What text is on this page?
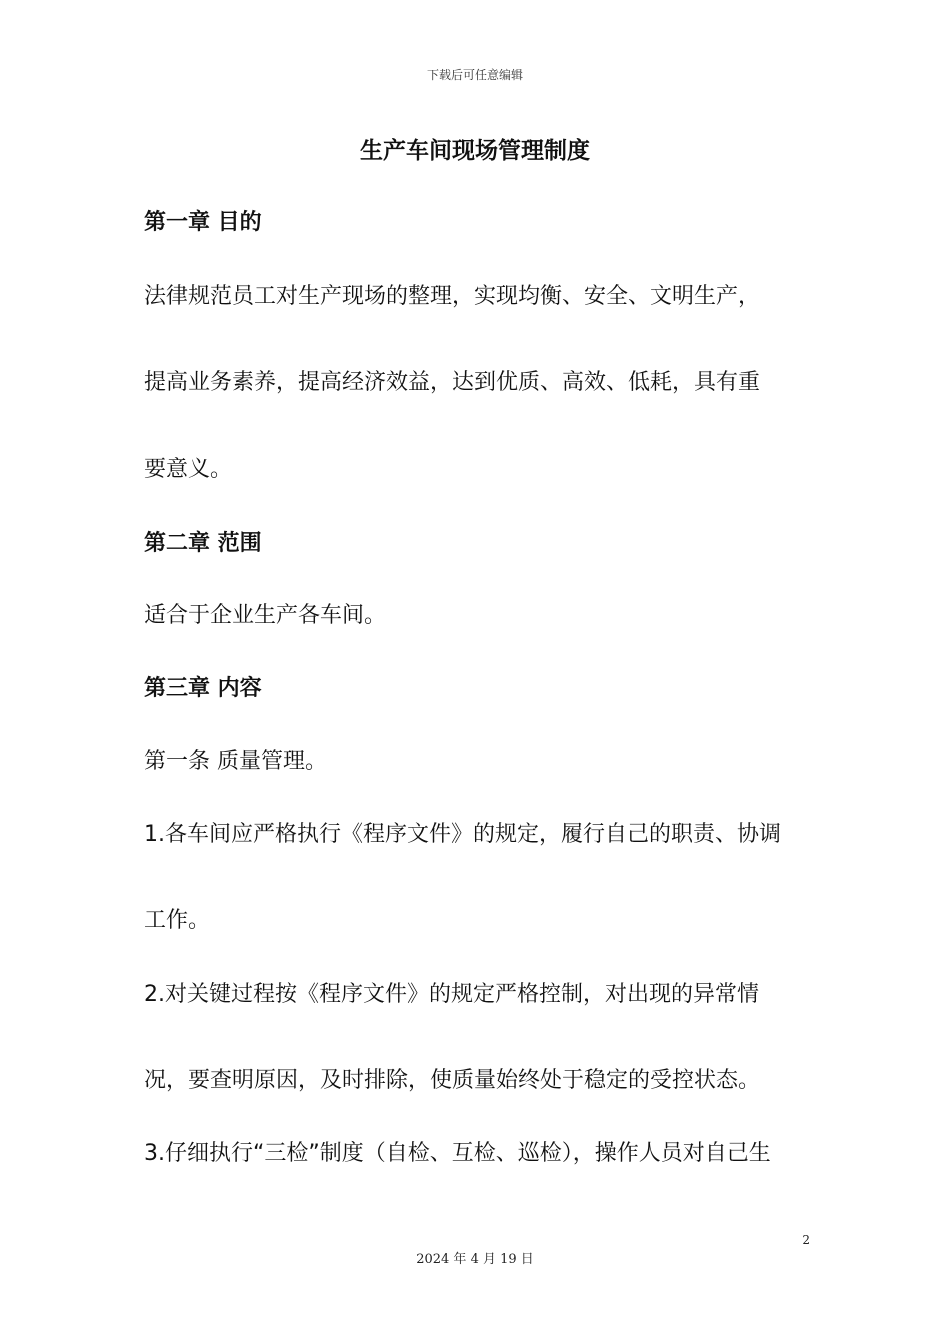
下载后可任意编辑
生产车间现场管理制度
第一章 目的
法律规范员工对生产现场的整理，实现均衡、安全、文明生产，
提高业务素养，提高经济效益，达到优质、高效、低耗，具有重
要意义。
第二章 范围
适合于企业生产各车间。
第三章 内容
第一条 质量管理。
1.各车间应严格执行《程序文件》的规定，履行自己的职责、协调
工作。
2.对关键过程按《程序文件》的规定严格控制，对出现的异常情
况，要查明原因，及时排除，使质量始终处于稳定的受控状态。
3.仔细执行“三检”制度（自检、互检、巡检），操作人员对自己生
2
2024 年 4 月 19 日
